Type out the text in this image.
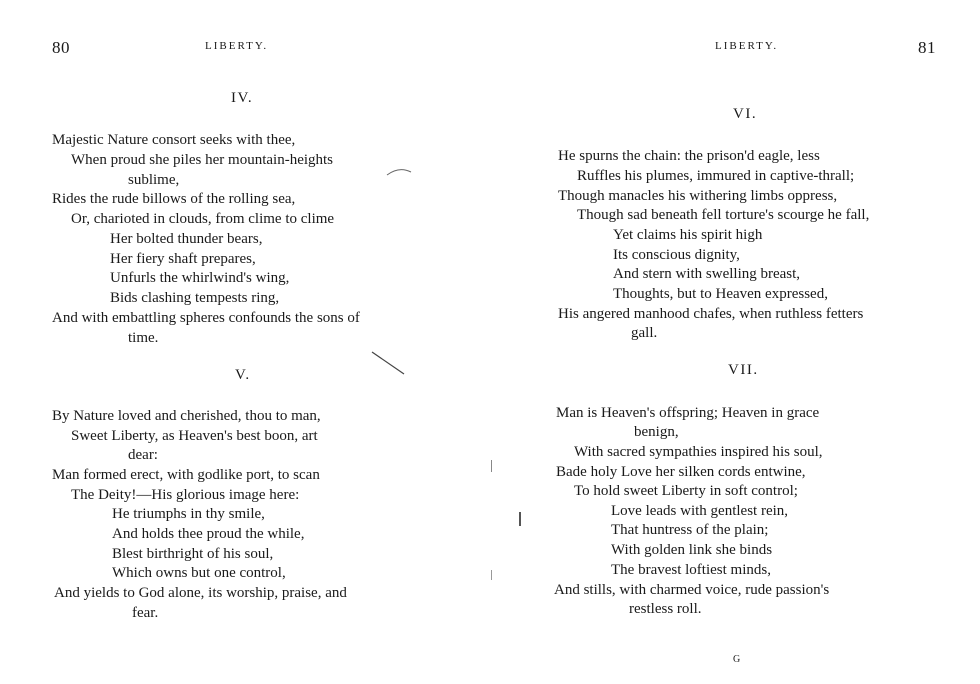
80	LIBERTY.
IV.
Majestic Nature consort seeks with thee,
When proud she piles her mountain-heights
sublime,
Rides the rude billows of the rolling sea,
Or, charioted in clouds, from clime to clime
Her bolted thunder bears,
Her fiery shaft prepares,
Unfurls the whirlwind's wing,
Bids clashing tempests ring,
And with embattling spheres confounds the sons of
time.
V.
By Nature loved and cherished, thou to man,
Sweet Liberty, as Heaven's best boon, art
dear:
Man formed erect, with godlike port, to scan
The Deity!—His glorious image here:
He triumphs in thy smile,
And holds thee proud the while,
Blest birthright of his soul,
Which owns but one control,
And yields to God alone, its worship, praise, and
fear.
LIBERTY.	81
VI.
He spurns the chain: the prison'd eagle, less
Ruffles his plumes, immured in captive-thrall;
Though manacles his withering limbs oppress,
Though sad beneath fell torture's scourge he fall,
Yet claims his spirit high
Its conscious dignity,
And stern with swelling breast,
Thoughts, but to Heaven expressed,
His angered manhood chafes, when ruthless fetters
gall.
VII.
Man is Heaven's offspring; Heaven in grace
benign,
With sacred sympathies inspired his soul,
Bade holy Love her silken cords entwine,
To hold sweet Liberty in soft control;
Love leads with gentlest rein,
That huntress of the plain;
With golden link she binds
The bravest loftiest minds,
And stills, with charmed voice, rude passion's
restless roll.
G
